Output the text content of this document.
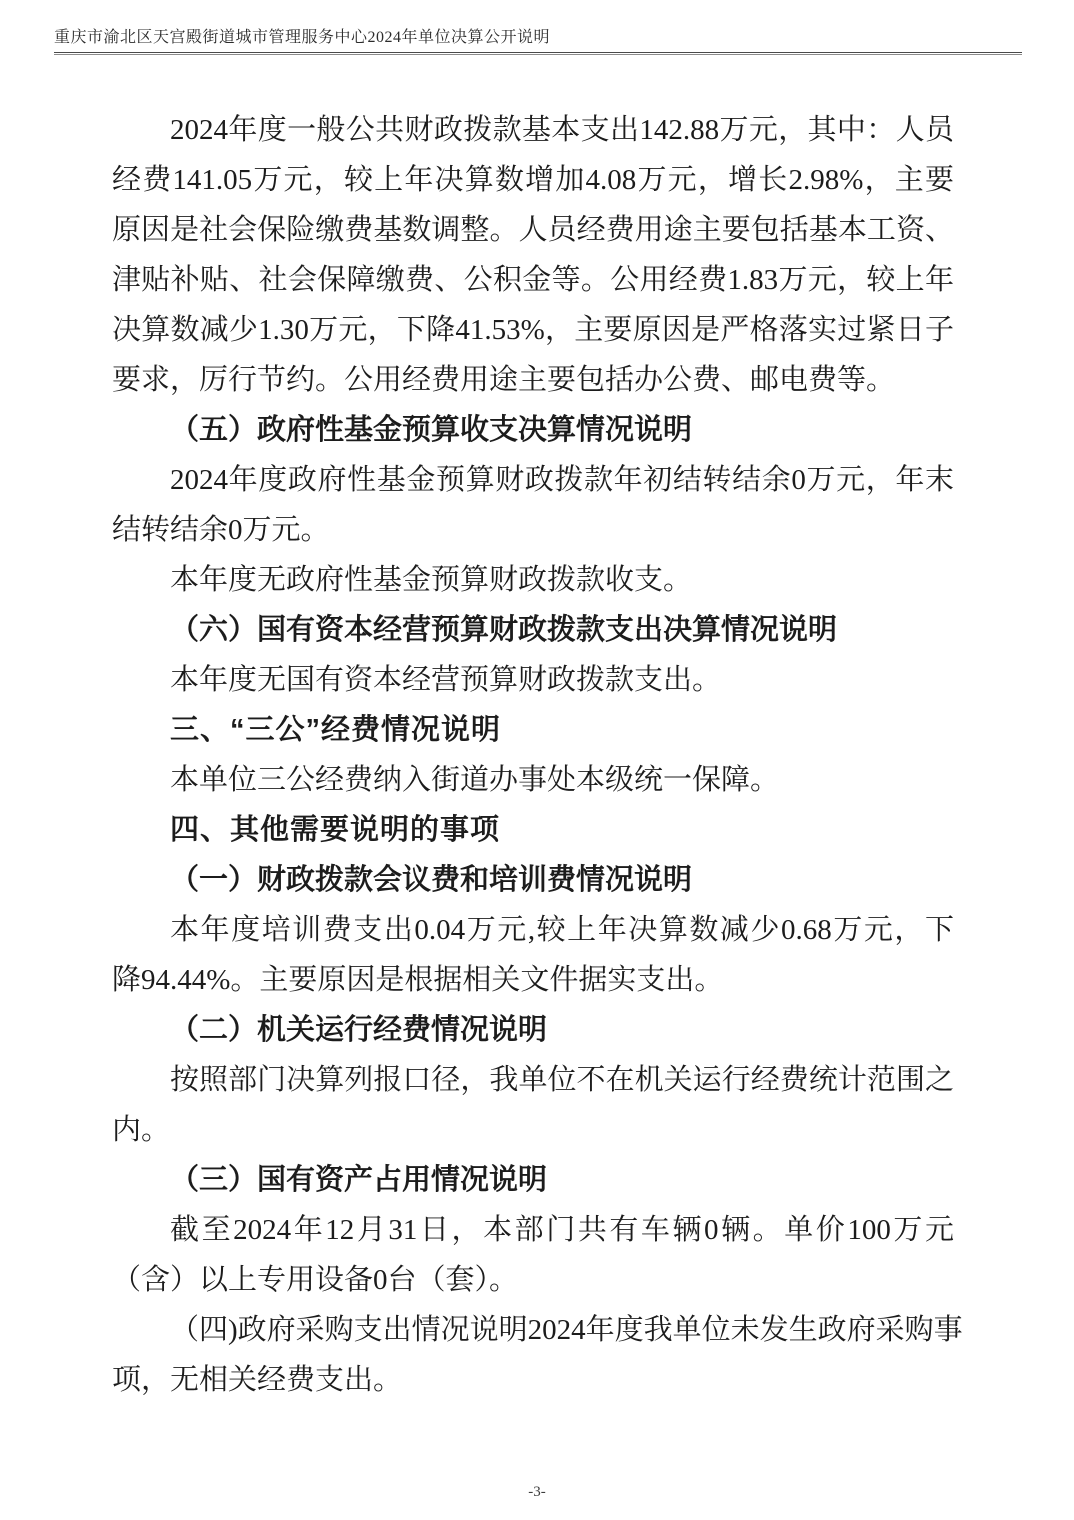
重庆市渝北区天宫殿街道城市管理服务中心2024年单位决算公开说明
2024年度一般公共财政拨款基本支出142.88万元，其中：人员
经费141.05万元，较上年决算数增加4.08万元，增长2.98%，主要
原因是社会保险缴费基数调整。人员经费用途主要包括基本工资、
津贴补贴、社会保障缴费、公积金等。公用经费1.83万元，较上年
决算数减少1.30万元，下降41.53%，主要原因是严格落实过紧日子
要求，厉行节约。公用经费用途主要包括办公费、邮电费等。
（五）政府性基金预算收支决算情况说明
2024年度政府性基金预算财政拨款年初结转结余0万元，年末
结转结余0万元。
本年度无政府性基金预算财政拨款收支。
（六）国有资本经营预算财政拨款支出决算情况说明
本年度无国有资本经营预算财政拨款支出。
三、“三公”经费情况说明
本单位三公经费纳入街道办事处本级统一保障。
四、其他需要说明的事项
（一）财政拨款会议费和培训费情况说明
本年度培训费支出0.04万元,较上年决算数减少0.68万元，下
降94.44%。主要原因是根据相关文件据实支出。
（二）机关运行经费情况说明
按照部门决算列报口径，我单位不在机关运行经费统计范围之
内。
（三）国有资产占用情况说明
截至2024年12月31日，本部门共有车辆0辆。单价100万元
（含）以上专用设备0台（套）。
（四)政府采购支出情况说明2024年度我单位未发生政府采购事
项，无相关经费支出。
-3-
